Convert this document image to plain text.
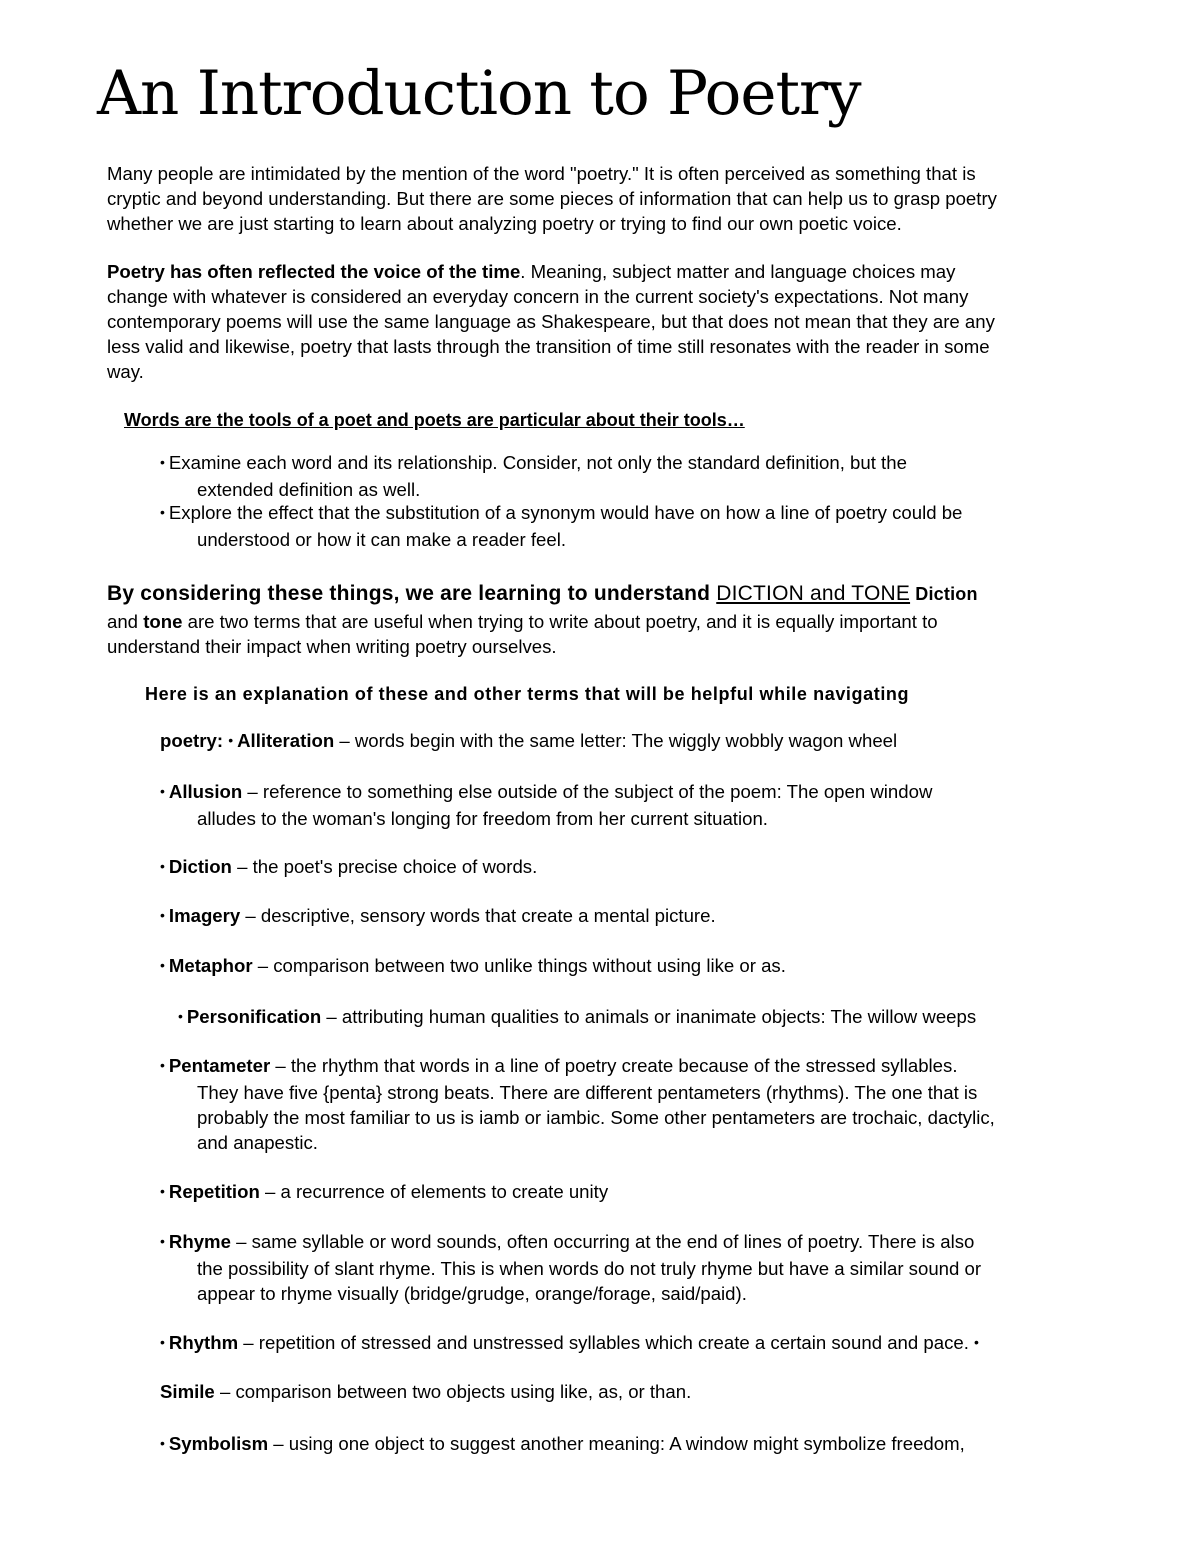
An Introduction to Poetry

Many people are intimidated by the mention of the word "poetry." It is often perceived as something that is
cryptic and beyond understanding. But there are some pieces of information that can help us to grasp poetry
whether we are just starting to learn about analyzing poetry or trying to find our own poetic voice.

Poetry has often reflected the voice of the time. Meaning, subject matter and language choices may
change with whatever is considered an everyday concern in the current society's expectations. Not many
contemporary poems will use the same language as Shakespeare, but that does not mean that they are any
less valid and likewise, poetry that lasts through the transition of time still resonates with the reader in some
way.

Words are the tools of a poet and poets are particular about their tools…

• Examine each word and its relationship. Consider, not only the standard definition, but the
extended definition as well.

• Explore the effect that the substitution of a synonym would have on how a line of poetry could be
understood or how it can make a reader feel.

By considering these things, we are learning to understand DICTION and TONE Diction

and tone are two terms that are useful when trying to write about poetry, and it is equally important to
understand their impact when writing poetry ourselves.

Here is an explanation of these and other terms that will be helpful while navigating

poetry: • Alliteration – words begin with the same letter: The wiggly wobbly wagon wheel

• Allusion – reference to something else outside of the subject of the poem: The open window
alludes to the woman's longing for freedom from her current situation.

• Diction – the poet's precise choice of words.

• Imagery – descriptive, sensory words that create a mental picture.

• Metaphor – comparison between two unlike things without using like or as.

• Personification – attributing human qualities to animals or inanimate objects: The willow weeps

• Pentameter – the rhythm that words in a line of poetry create because of the stressed syllables.
They have five {penta} strong beats. There are different pentameters (rhythms). The one that is
probably the most familiar to us is iamb or iambic. Some other pentameters are trochaic, dactylic,
and anapestic.

• Repetition – a recurrence of elements to create unity

• Rhyme – same syllable or word sounds, often occurring at the end of lines of poetry. There is also
the possibility of slant rhyme. This is when words do not truly rhyme but have a similar sound or
appear to rhyme visually (bridge/grudge, orange/forage, said/paid).

• Rhythm – repetition of stressed and unstressed syllables which create a certain sound and pace. •

Simile – comparison between two objects using like, as, or than.

• Symbolism – using one object to suggest another meaning: A window might symbolize freedom,
